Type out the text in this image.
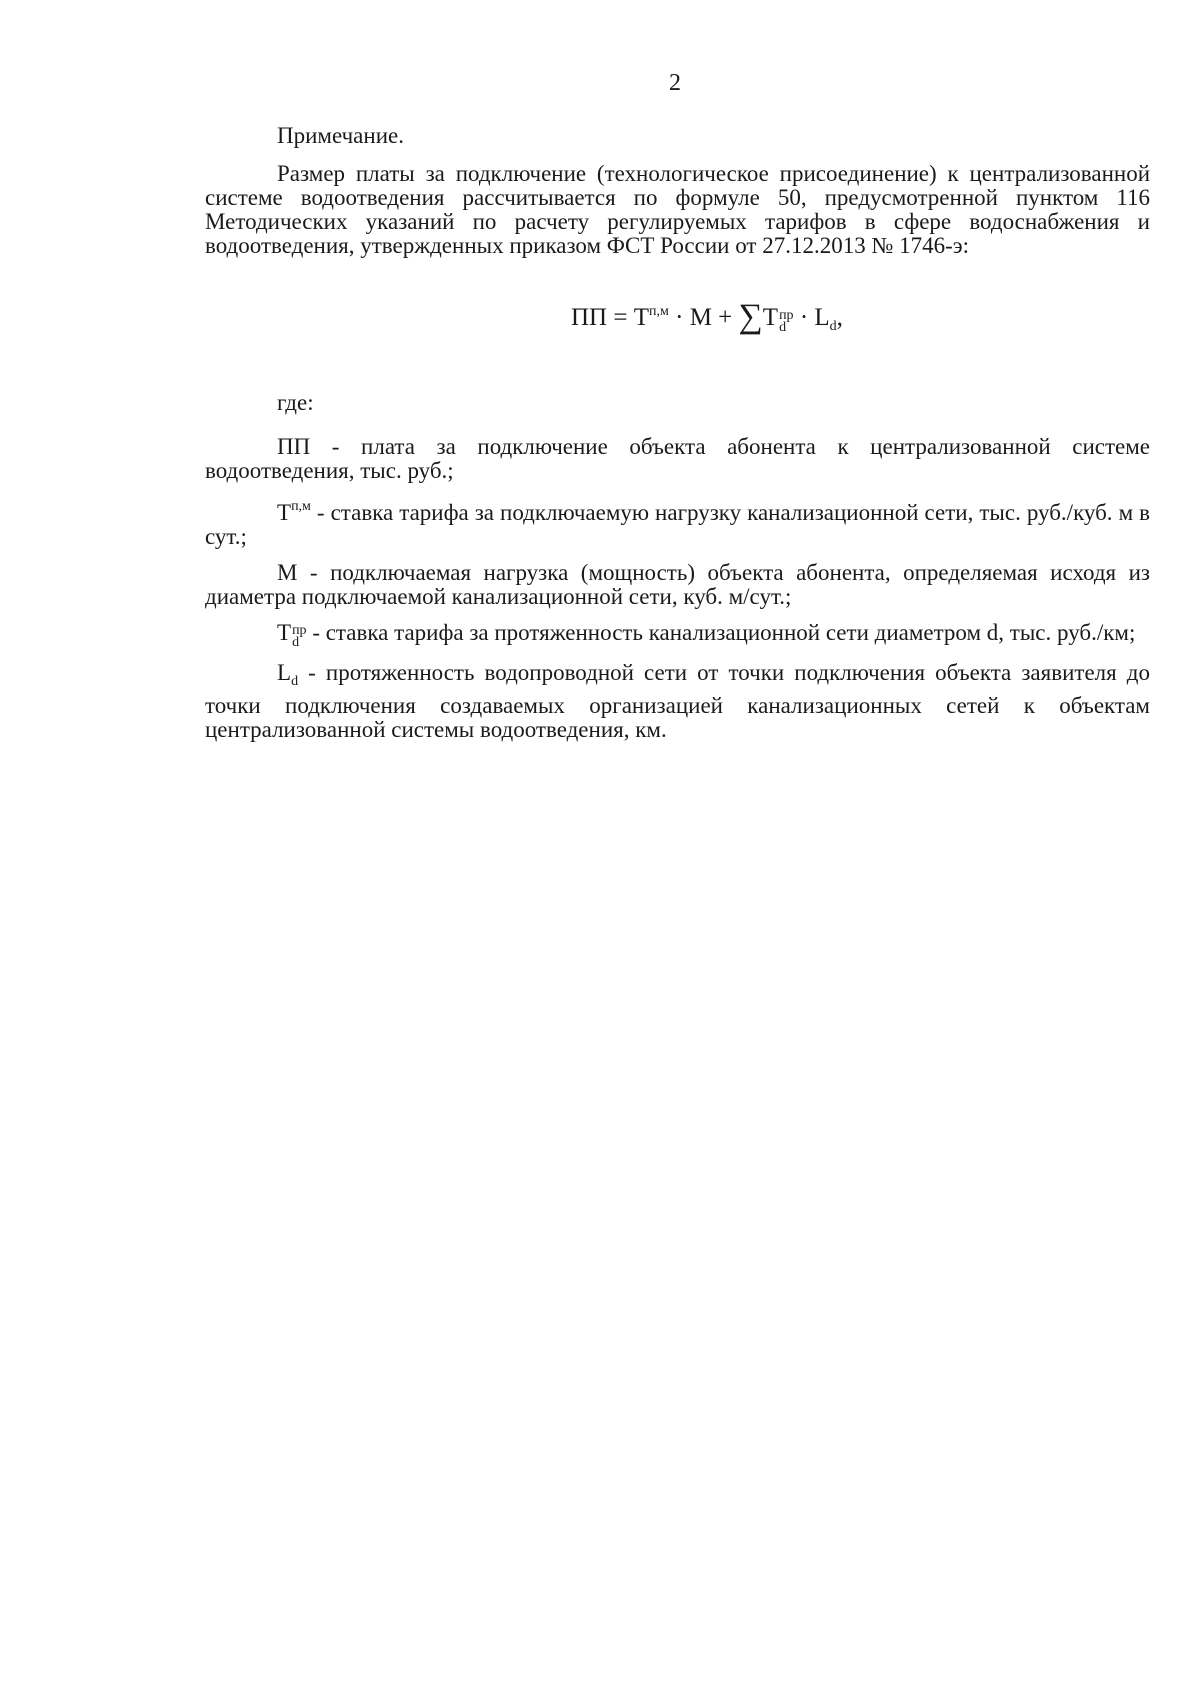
2

Примечание.

Размер платы за подключение (технологическое присоединение) к централизованной системе водоотведения рассчитывается по формуле 50, предусмотренной пунктом 116 Методических указаний по расчету регулируемых тарифов в сфере водоснабжения и водоотведения, утвержденных приказом ФСТ России от 27.12.2013 № 1746-э:

ПП = $Т^{п,м} \cdot М + \sum Т$ пр
$d \cdot L_d$,

где:

ПП - плата за подключение объекта абонента к централизованной системе водоотведения, тыс. руб.;

$Т^{п,м}$ - ставка тарифа за подключаемую нагрузку канализационной сети, тыс. руб./куб. м в сут.;

М - подключаемая нагрузка (мощность) объекта абонента, определяемая исходя из диаметра подключаемой канализационной сети, куб. м/сут.;

Т пр
d - ставка тарифа за протяженность канализационной сети диаметром d, тыс. руб./км;

$L_d$ - протяженность водопроводной сети от точки подключения объекта заявителя до точки подключения создаваемых организацией канализационных сетей к объектам централизованной системы водоотведения, км.
